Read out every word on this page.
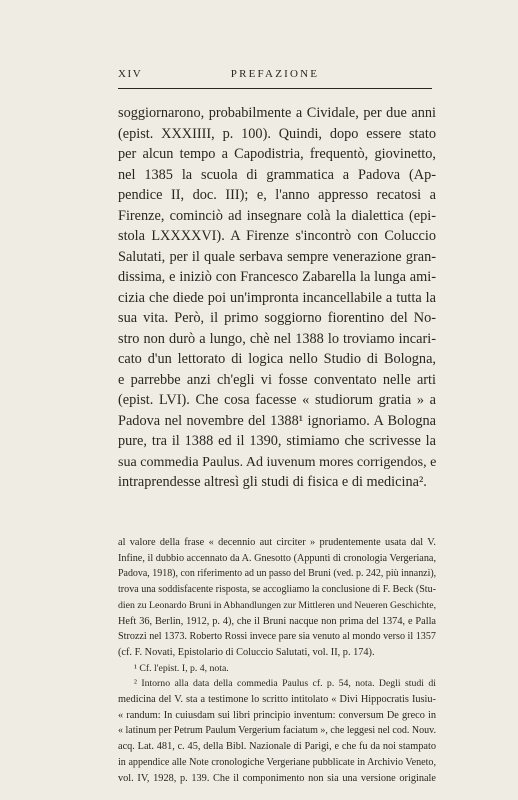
XIV	PREFAZIONE
soggiornarono, probabilmente a Cividale, per due anni
(epist. XXXIIII, p. 100). Quindi, dopo essere stato
per alcun tempo a Capodistria, frequentò, giovinetto,
nel 1385 la scuola di grammatica a Padova (Ap-
pendice II, doc. III); e, l'anno appresso recatosi a
Firenze, cominciò ad insegnare colà la dialettica (epi-
stola LXXXXVI). A Firenze s'incontrò con Coluccio
Salutati, per il quale serbava sempre venerazione gran-
dissima, e iniziò con Francesco Zabarella la lunga ami-
cizia che diede poi un'impronta incancellabile a tutta la
sua vita. Però, il primo soggiorno fiorentino del No-
stro non durò a lungo, chè nel 1388 lo troviamo incari-
cato d'un lettorato di logica nello Studio di Bologna,
e parrebbe anzi ch'egli vi fosse conventato nelle arti
(epist. LVI). Che cosa facesse « studiorum gratia » a
Padova nel novembre del 1388¹ ignoriamo. A Bologna
pure, tra il 1388 ed il 1390, stimiamo che scrivesse la
sua commedia Paulus. Ad iuvenum mores corrigendos, e
intraprendesse altresì gli studi di fisica e di medicina².
al valore della frase « decennio aut circiter » prudentemente usata dal V.
Infine, il dubbio accennato da A. Gnesotto (Appunti di cronologia Vergeriana,
Padova, 1918), con riferimento ad un passo del Bruni (ved. p. 242, più innanzi),
trova una soddisfacente risposta, se accogliamo la conclusione di F. Beck (Stu-
dien zu Leonardo Bruni in Abhandlungen zur Mittleren und Neueren Geschichte,
Heft 36, Berlin, 1912, p. 4), che il Bruni nacque non prima del 1374, e Palla
Strozzi nel 1373. Roberto Rossi invece pare sia venuto al mondo verso il 1357
(cf. F. Novati, Epistolario di Coluccio Salutati, vol. II, p. 174).
¹ Cf. l'epist. I, p. 4, nota.
² Intorno alla data della commedia Paulus cf. p. 54, nota. Degli studi di
medicina del V. sta a testimone lo scritto intitolato « Divi Hippocratis Iusiu-
« randum: In cuiusdam sui libri principio inventum: conversum De greco in
« latinum per Petrum Paulum Vergerium faciatum », che leggesi nel cod. Nouv.
acq. Lat. 481, c. 45, della Bibl. Nazionale di Parigi, e che fu da noi stampato
in appendice alle Note cronologiche Vergeriane pubblicate in Archivio Veneto,
vol. IV, 1928, p. 139. Che il componimento non sia una versione originale
